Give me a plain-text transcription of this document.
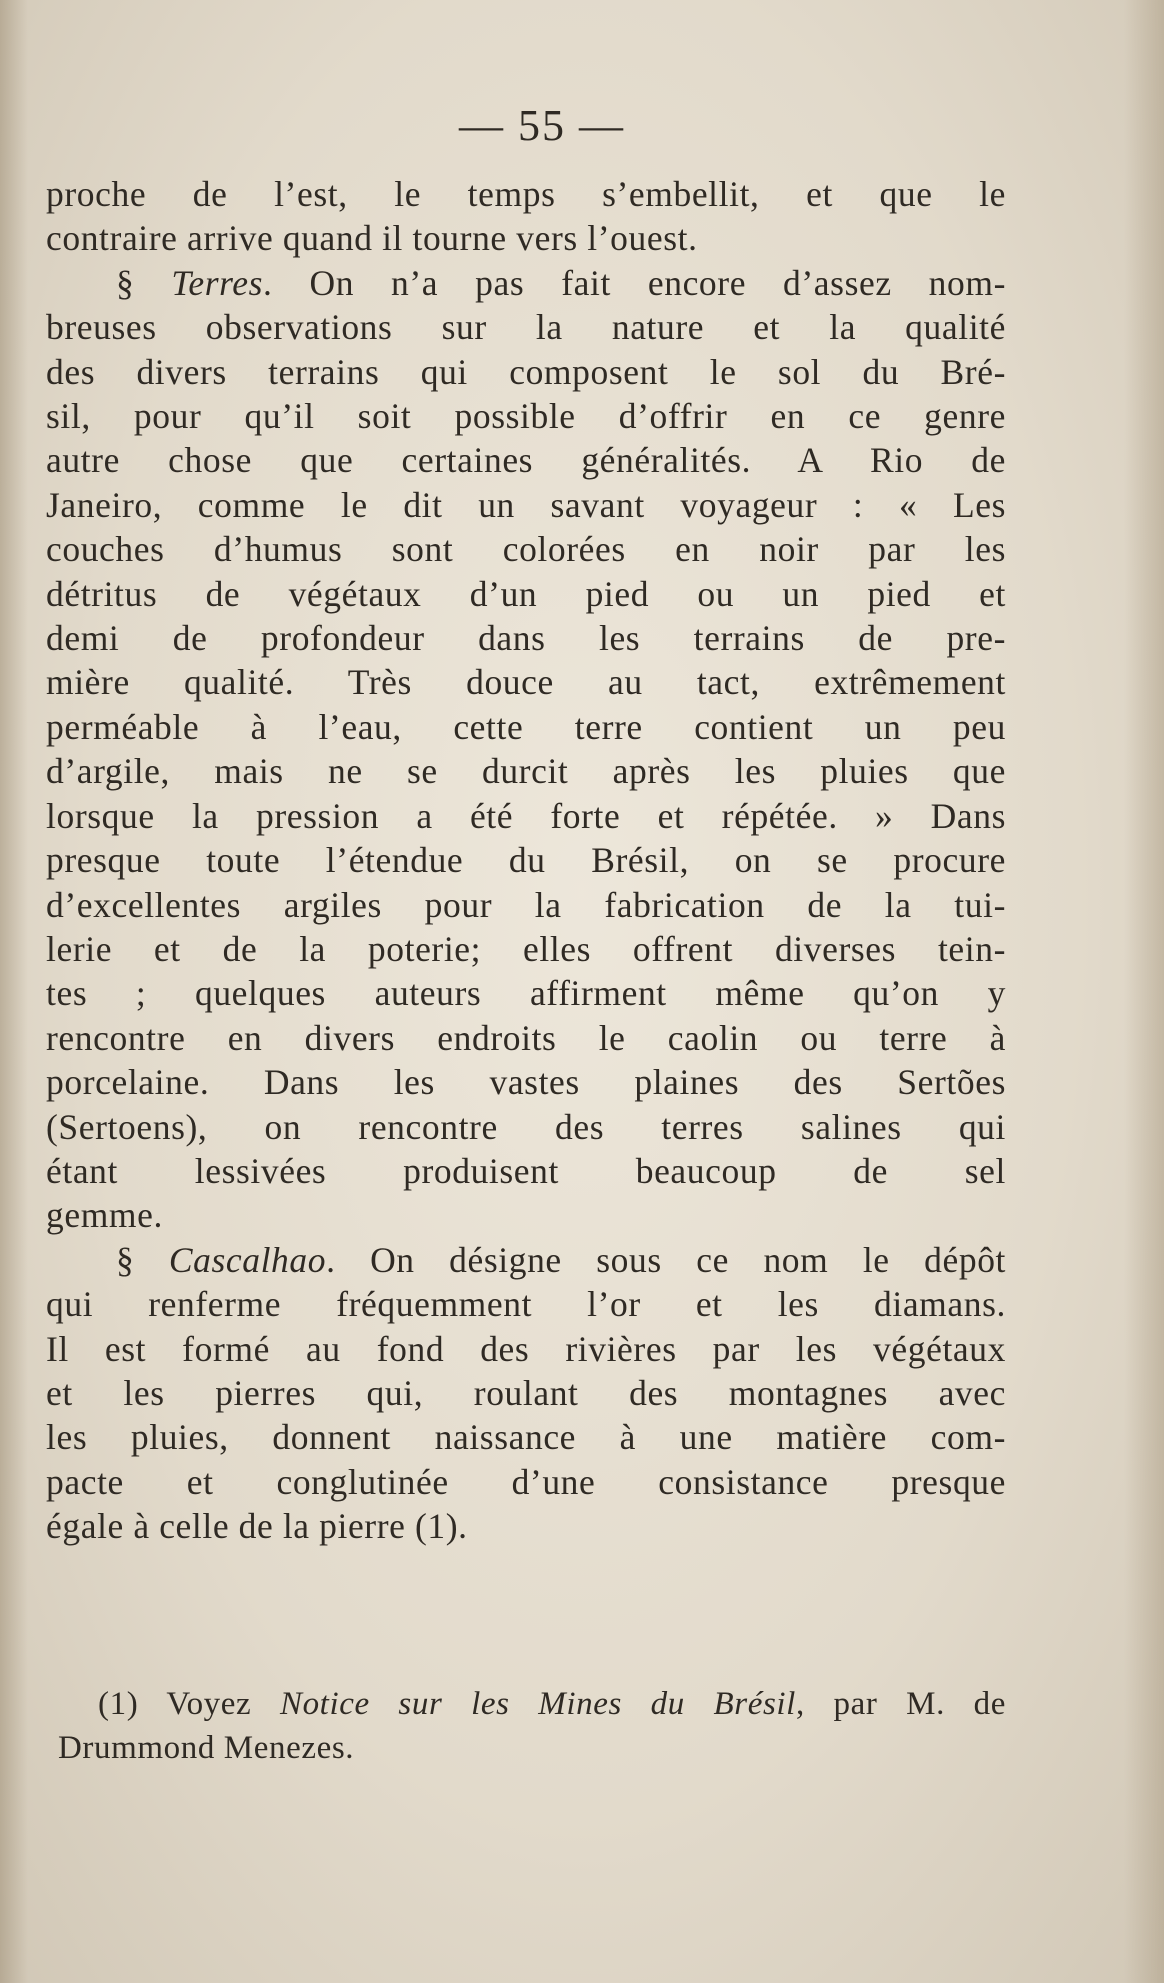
— 55 —
proche de l’est, le temps s’embellit, et que le
contraire arrive quand il tourne vers l’ouest.
§ Terres. On n’a pas fait encore d’assez nom-
breuses observations sur la nature et la qualité
des divers terrains qui composent le sol du Bré-
sil, pour qu’il soit possible d’offrir en ce genre
autre chose que certaines généralités. A Rio de
Janeiro, comme le dit un savant voyageur : « Les
couches d’humus sont colorées en noir par les
détritus de végétaux d’un pied ou un pied et
demi de profondeur dans les terrains de pre-
mière qualité. Très douce au tact, extrêmement
perméable à l’eau, cette terre contient un peu
d’argile, mais ne se durcit après les pluies que
lorsque la pression a été forte et répétée. » Dans
presque toute l’étendue du Brésil, on se procure
d’excellentes argiles pour la fabrication de la tui-
lerie et de la poterie; elles offrent diverses tein-
tes ; quelques auteurs affirment même qu’on y
rencontre en divers endroits le caolin ou terre à
porcelaine. Dans les vastes plaines des Sertões
(Sertoens), on rencontre des terres salines qui
étant lessivées produisent beaucoup de sel
gemme.
§ Cascalhao. On désigne sous ce nom le dépôt
qui renferme fréquemment l’or et les diamans.
Il est formé au fond des rivières par les végétaux
et les pierres qui, roulant des montagnes avec
les pluies, donnent naissance à une matière com-
pacte et conglutinée d’une consistance presque
égale à celle de la pierre (1).
(1) Voyez Notice sur les Mines du Brésil, par M. de
Drummond Menezes.
